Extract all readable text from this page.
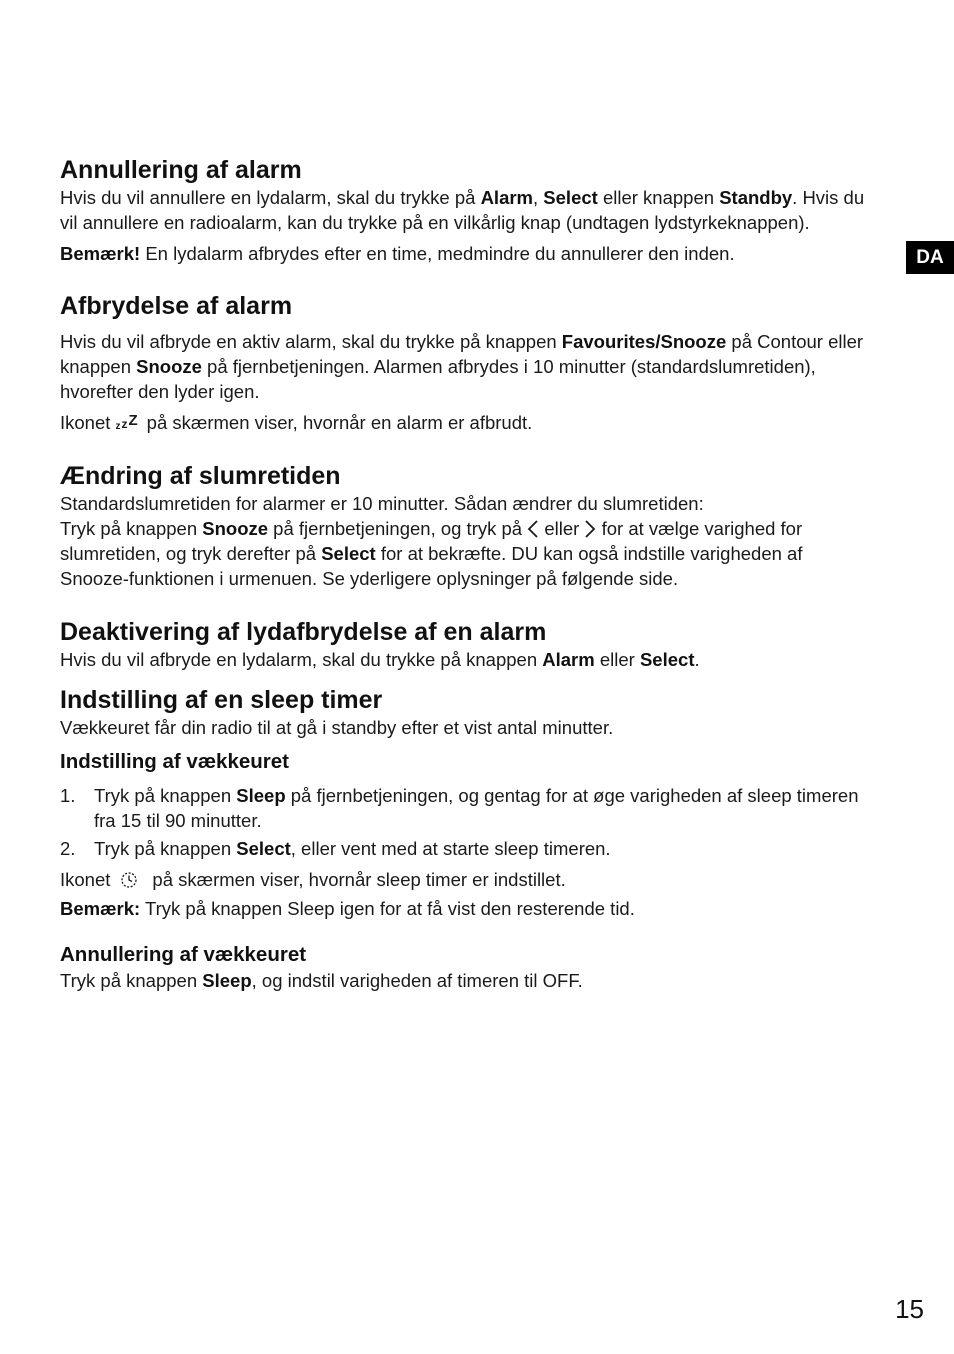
DA
Annullering af alarm

Hvis du vil annullere en lydalarm, skal du trykke på Alarm, Select eller knappen Standby. Hvis du vil annullere en radioalarm, kan du trykke på en vilkårlig knap (undtagen lydstyrkeknappen).

Bemærk! En lydalarm afbrydes efter en time, medmindre du annullerer den inden.

Afbrydelse af alarm

Hvis du vil afbryde en aktiv alarm, skal du trykke på knappen Favourites/Snooze på Contour eller knappen Snooze på fjernbetjeningen. Alarmen afbrydes i 10 minutter (standardslumretiden), hvorefter den lyder igen.

Ikonet z z Z på skærmen viser, hvornår en alarm er afbrudt.

Ændring af slumretiden

Standardslumretiden for alarmer er 10 minutter. Sådan ændrer du slumretiden:

Tryk på knappen Snooze på fjernbetjeningen, og tryk på  eller  for at vælge varighed for slumretiden, og tryk derefter på Select for at bekræfte. DU kan også indstille varigheden af Snooze-funktionen i urmenuen. Se yderligere oplysninger på følgende side.

Deaktivering af lydafbrydelse af en alarm

Hvis du vil afbryde en lydalarm, skal du trykke på knappen Alarm eller Select.

Indstilling af en sleep timer

Vækkeuret får din radio til at gå i standby efter et vist antal minutter.

Indstilling af vækkeuret
1. Tryk på knappen Sleep på fjernbetjeningen, og gentag for at øge varigheden af sleep timeren fra 15 til 90 minutter.
2. Tryk på knappen Select, eller vent med at starte sleep timeren.

Ikonet på skærmen viser, hvornår sleep timer er indstillet.

Bemærk: Tryk på knappen Sleep igen for at få vist den resterende tid.

Annullering af vækkeuret

Tryk på knappen Sleep, og indstil varigheden af timeren til OFF.

15
